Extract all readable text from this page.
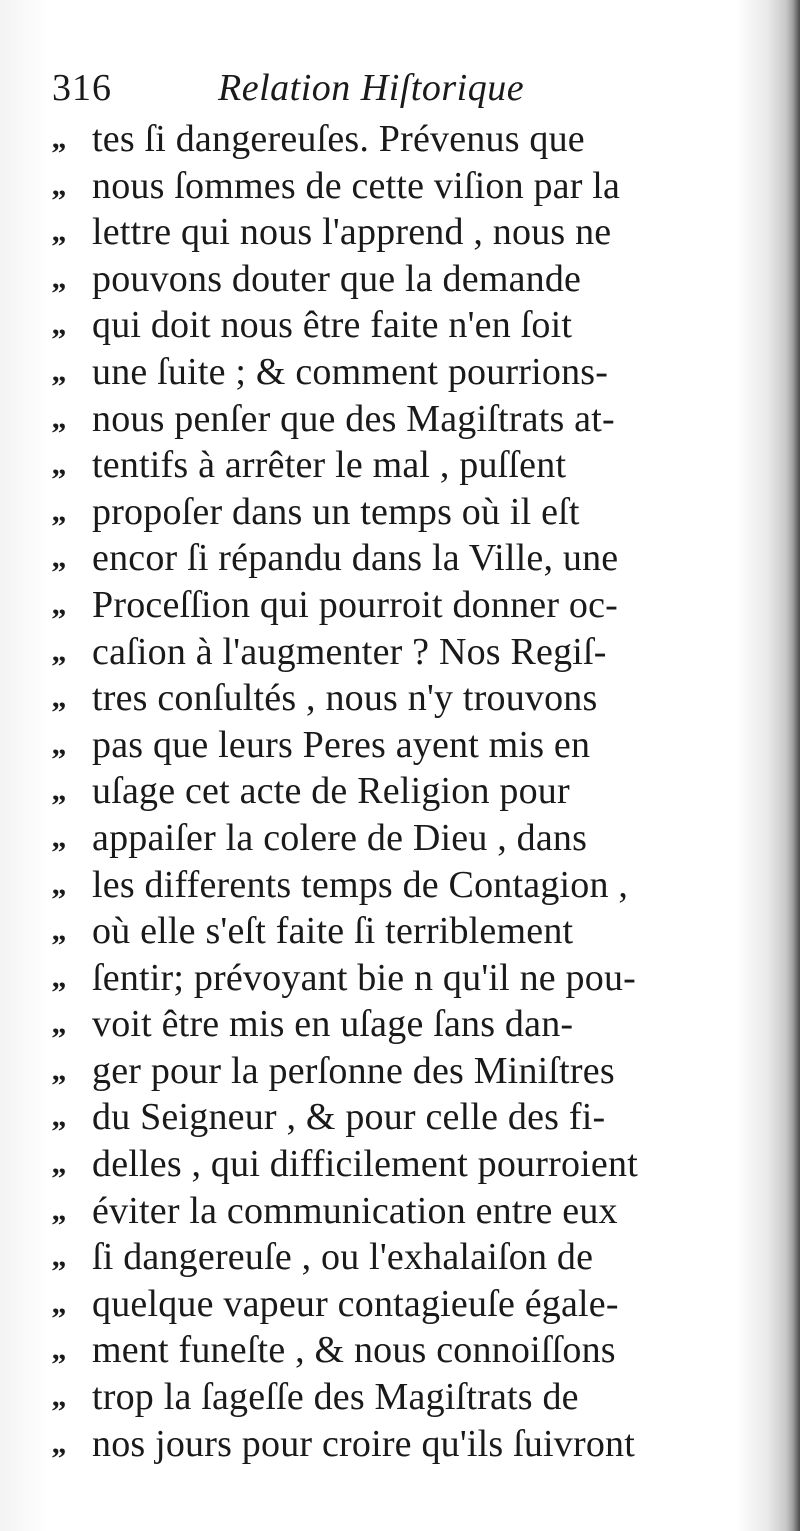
316	Relation Hiſtorique
,, tes ſi dangereuſes. Prévenus que
,, nous ſommes de cette viſion par la
,, lettre qui nous l'apprend , nous ne
,, pouvons douter que la demande
,, qui doit nous être faite n'en ſoit
,, une ſuite ; & comment pourrions-
,, nous penſer que des Magiſtrats at-
,, tentifs à arrêter le mal , puſſent
,, propoſer dans un temps où il eſt
,, encor ſi répandu dans la Ville, une
,, Proceſſion qui pourroit donner oc-
,, caſion à l'augmenter ? Nos Regiſ-
,, tres conſultés , nous n'y trouvons
,, pas que leurs Peres ayent mis en
,, uſage cet acte de Religion pour
,, appaiſer la colere de Dieu , dans
,, les differents temps de Contagion ,
,, où elle s'eſt faite ſi terriblement
,, ſentir; prévoyant bie n qu'il ne pou-
,, voit être mis en uſage ſans dan-
,, ger pour la perſonne des Miniſtres
,, du Seigneur , & pour celle des fi-
,, delles , qui difficilement pourroient
,, éviter la communication entre eux
,, ſi dangereuſe , ou l'exhalaiſon de
,, quelque vapeur contagieuſe égale-
,, ment funeſte , & nous connoiſſons
,, trop la ſageſſe des Magiſtrats de
,, nos jours pour croire qu'ils ſuivront
